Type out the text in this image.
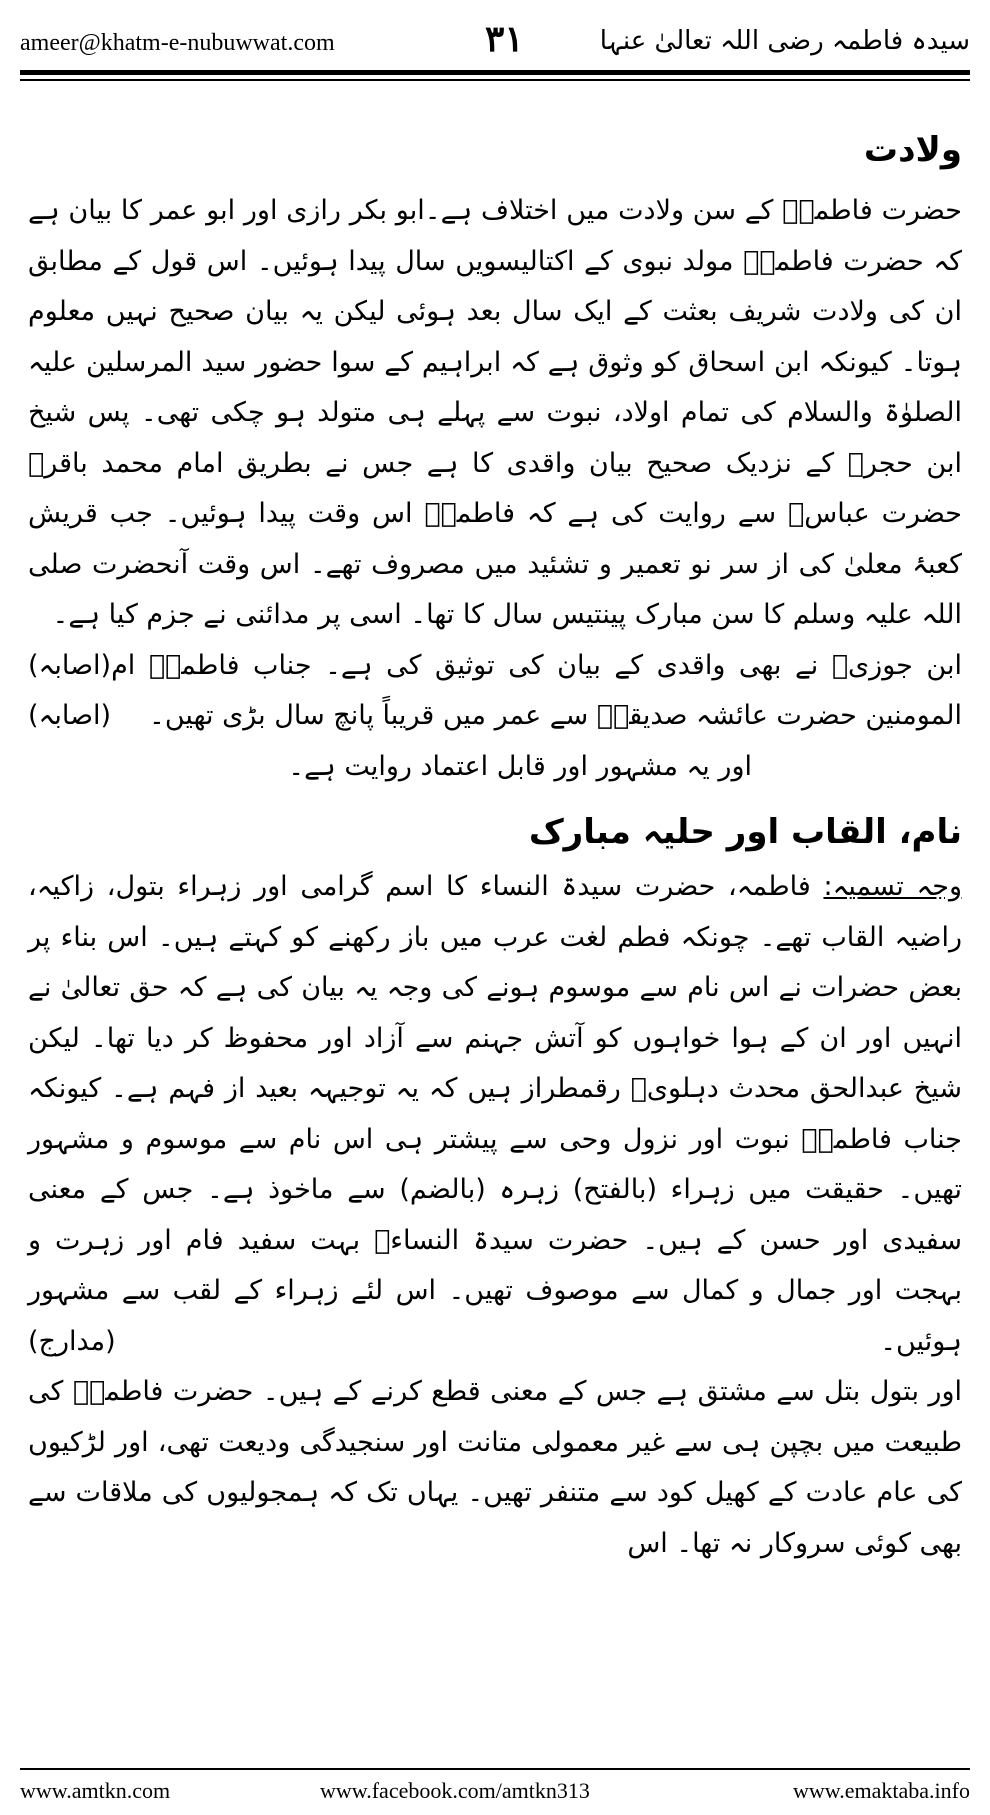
ameer@khatm-e-nubuwwat.com	۳۱	سیدہ فاطمہ رضی اللہ تعالیٰ عنہا
ولادت

حضرت فاطمہؓ کے سن ولادت میں اختلاف ہے۔ابو بکر رازی اور ابو عمر کا بیان ہے کہ حضرت فاطمہؓ مولد نبوی کے اکتالیسویں سال پیدا ہوئیں۔ اس قول کے مطابق ان کی ولادت شریف بعثت کے ایک سال بعد ہوئی لیکن یہ بیان صحیح نہیں معلوم ہوتا۔ کیونکہ ابن اسحاق کو وثوق ہے کہ ابراہیم کے سوا حضور سید المرسلین علیہ الصلوٰۃ والسلام کی تمام اولاد، نبوت سے پہلے ہی متولد ہو چکی تھی۔ پس شیخ ابن حجرؒ کے نزدیک صحیح بیان واقدی کا ہے جس نے بطریق امام محمد باقرؒ حضرت عباسؓ سے روایت کی ہے کہ فاطمہؓ اس وقت پیدا ہوئیں۔ جب قریش کعبۂ معلیٰ کی از سر نو تعمیر و تشئید میں مصروف تھے۔ اس وقت آنحضرت صلی اللہ علیہ وسلم کا سن مبارک پینتیس سال کا تھا۔ اسی پر مدائنی نے جزم کیا ہے۔
(اصابہ) ابن جوزیؒ نے بھی واقدی کے بیان کی توثیق کی ہے۔ جناب فاطمہؓ ام المومنین حضرت عائشہ صدیقہؓ سے عمر میں قریباً پانچ سال بڑی تھیں۔
(اصابہ)

اور یہ مشہور اور قابل اعتماد روایت ہے۔

نام، القاب اور حلیہ مبارک

وجہ تسمیہ: فاطمہ، حضرت سیدۃ النساء کا اسم گرامی اور زہراء بتول، زاکیہ، راضیہ القاب تھے۔ چونکہ فطم لغت عرب میں باز رکھنے کو کہتے ہیں۔ اس بناء پر بعض حضرات نے اس نام سے موسوم ہونے کی وجہ یہ بیان کی ہے کہ حق تعالیٰ نے انہیں اور ان کے ہوا خواہوں کو آتش جہنم سے آزاد اور محفوظ کر دیا تھا۔ لیکن شیخ عبدالحق محدث دہلویؒ رقمطراز ہیں کہ یہ توجیہہ بعید از فہم ہے۔ کیونکہ جناب فاطمہؓ نبوت اور نزول وحی سے پیشتر ہی اس نام سے موسوم و مشہور تھیں۔ حقیقت میں زہراء (بالفتح) زہرہ (بالضم) سے ماخوذ ہے۔ جس کے معنی سفیدی اور حسن کے ہیں۔ حضرت سیدۃ النساءؓ بہت سفید فام اور زہرت و بہجت اور جمال و کمال سے موصوف تھیں۔ اس لئے زہراء کے لقب سے مشہور ہوئیں۔
(مدارج)

اور بتول بتل سے مشتق ہے جس کے معنی قطع کرنے کے ہیں۔ حضرت فاطمہؓ کی طبیعت میں بچپن ہی سے غیر معمولی متانت اور سنجیدگی ودیعت تھی، اور لڑکیوں کی عام عادت کے کھیل کود سے متنفر تھیں۔ یہاں تک کہ ہمجولیوں کی ملاقات سے بھی کوئی سروکار نہ تھا۔ اس

www.amtkn.com	www.facebook.com/amtkn313	www.emaktaba.info
